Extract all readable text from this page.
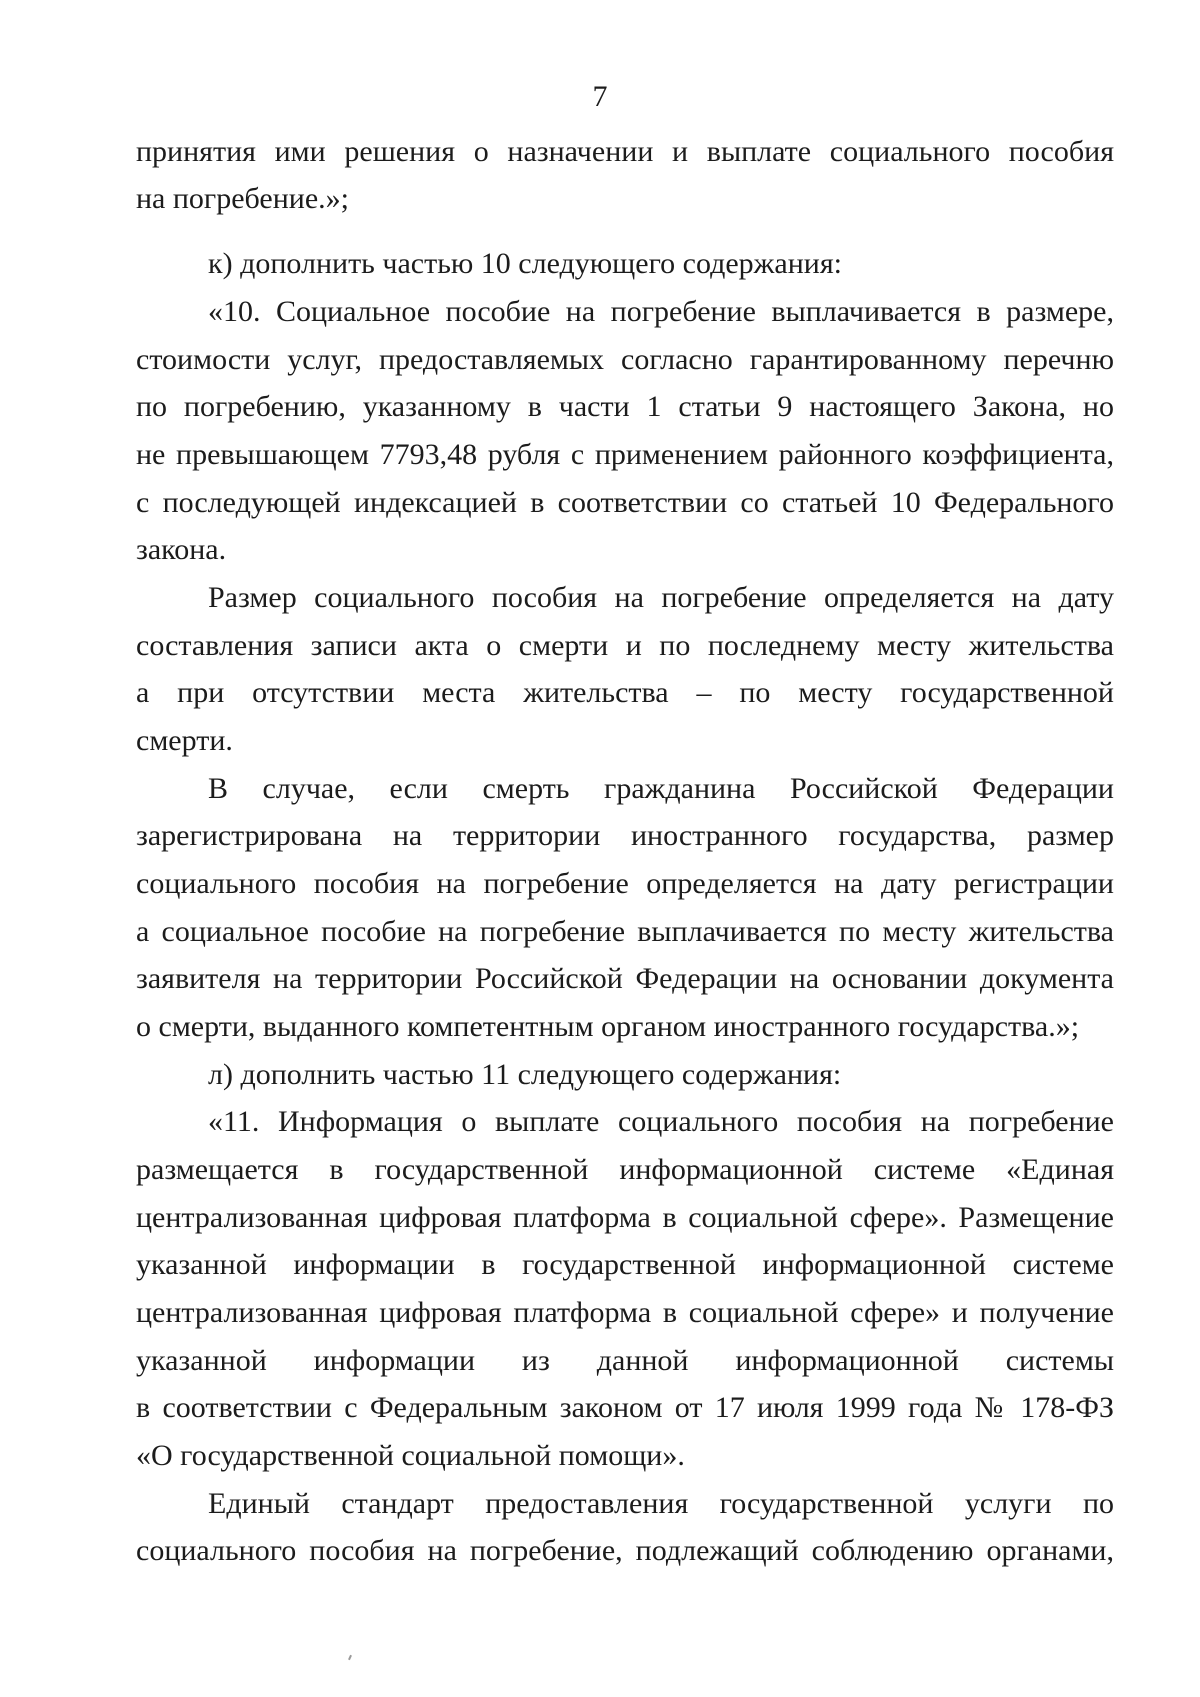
7
принятия ими решения о назначении и выплате социального пособия
на погребение.»;
к) дополнить частью 10 следующего содержания:
«10. Социальное пособие на погребение выплачивается в размере,
стоимости услуг, предоставляемых согласно гарантированному перечню
по погребению, указанному в части 1 статьи 9 настоящего Закона, но
не превышающем 7793,48 рубля с применением районного коэффициента,
с последующей индексацией в соответствии со статьей 10 Федерального
закона.
Размер социального пособия на погребение определяется на дату
составления записи акта о смерти и по последнему месту жительства
а при отсутствии места жительства – по месту государственной
смерти.
В случае, если смерть гражданина Российской Федерации
зарегистрирована на территории иностранного государства, размер
социального пособия на погребение определяется на дату регистрации
а социальное пособие на погребение выплачивается по месту жительства
заявителя на территории Российской Федерации на основании документа
о смерти, выданного компетентным органом иностранного государства.»;
л) дополнить частью 11 следующего содержания:
«11. Информация о выплате социального пособия на погребение
размещается в государственной информационной системе «Единая
централизованная цифровая платформа в социальной сфере». Размещение
указанной информации в государственной информационной системе
централизованная цифровая платформа в социальной сфере» и получение
указанной информации из данной информационной системы
в соответствии с Федеральным законом от 17 июля 1999 года № 178-ФЗ
«О государственной социальной помощи».
Единый стандарт предоставления государственной услуги по
социального пособия на погребение, подлежащий соблюдению органами,
